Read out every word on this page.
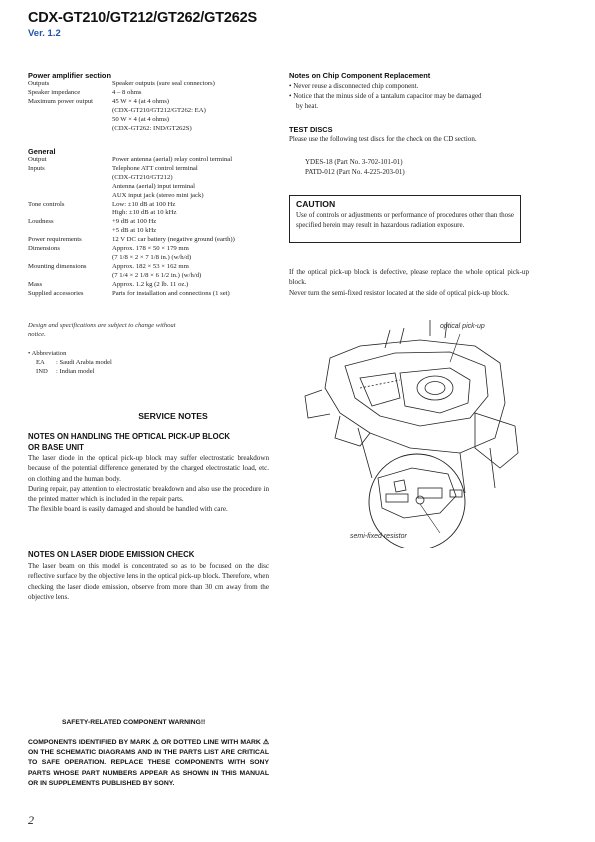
CDX-GT210/GT212/GT262/GT262S
Ver. 1.2
Power amplifier section
Outputs	Speaker outputs (sure seal connectors)
Speaker impedance	4 – 8 ohms
Maximum power output	45 W × 4 (at 4 ohms)
	(CDX-GT210/GT212/GT262: EA)
	50 W × 4 (at 4 ohms)
	(CDX-GT262: IND/GT262S)
General
Output	Power antenna (aerial) relay control terminal
Inputs	Telephone ATT control terminal
	(CDX-GT210/GT212)
	Antenna (aerial) input terminal
	AUX input jack (stereo mini jack)
Tone controls	Low: ±10 dB at 100 Hz
	High: ±10 dB at 10 kHz
Loudness	+9 dB at 100 Hz
	+5 dB at 10 kHz
Power requirements	12 V DC car battery (negative ground (earth))
Dimensions	Approx. 178 × 50 × 179 mm
	(7 1/8 × 2 × 7 1/8 in.) (w/h/d)
Mounting dimensions	Approx. 182 × 53 × 162 mm
	(7 1/4 × 2 1/8 × 6 1/2 in.) (w/h/d)
Mass	Approx. 1.2 kg (2 lb. 11 oz.)
Supplied accessories	Parts for installation and connections (1 set)
Design and specifications are subject to change without
notice.
• Abbreviation
EA : Saudi Arabia model
IND : Indian model
SERVICE NOTES
NOTES ON HANDLING THE OPTICAL PICK-UP BLOCK
OR BASE UNIT
The laser diode in the optical pick-up block may suffer electrostatic breakdown because of the potential difference generated by the charged electrostatic load, etc. on clothing and the human body.
During repair, pay attention to electrostatic breakdown and also use the procedure in the printed matter which is included in the repair parts.
The flexible board is easily damaged and should be handled with care.
NOTES ON LASER DIODE EMISSION CHECK
The laser beam on this model is concentrated so as to be focused on the disc reflective surface by the objective lens in the optical pick-up block. Therefore, when checking the laser diode emission, observe from more than 30 cm away from the objective lens.
SAFETY-RELATED COMPONENT WARNING!!
COMPONENTS IDENTIFIED BY MARK ⚠ OR DOTTED LINE WITH MARK ⚠ ON THE SCHEMATIC DIAGRAMS AND IN THE PARTS LIST ARE CRITICAL TO SAFE OPERATION. REPLACE THESE COMPONENTS WITH SONY PARTS WHOSE PART NUMBERS APPEAR AS SHOWN IN THIS MANUAL OR IN SUPPLEMENTS PUBLISHED BY SONY.
2
Notes on Chip Component Replacement
• Never reuse a disconnected chip component.
• Notice that the minus side of a tantalum capacitor may be damaged
by heat.
TEST DISCS
Please use the following test discs for the check on the CD section.
YDES-18 (Part No. 3-702-101-01)
PATD-012 (Part No. 4-225-203-01)
CAUTION
Use of controls or adjustments or performance of procedures other than those specified herein may result in hazardous radiation exposure.
If the optical pick-up block is defective, please replace the whole optical pick-up block.
Never turn the semi-fixed resistor located at the side of optical pick-up block.
optical pick-up
semi-fixed resistor
